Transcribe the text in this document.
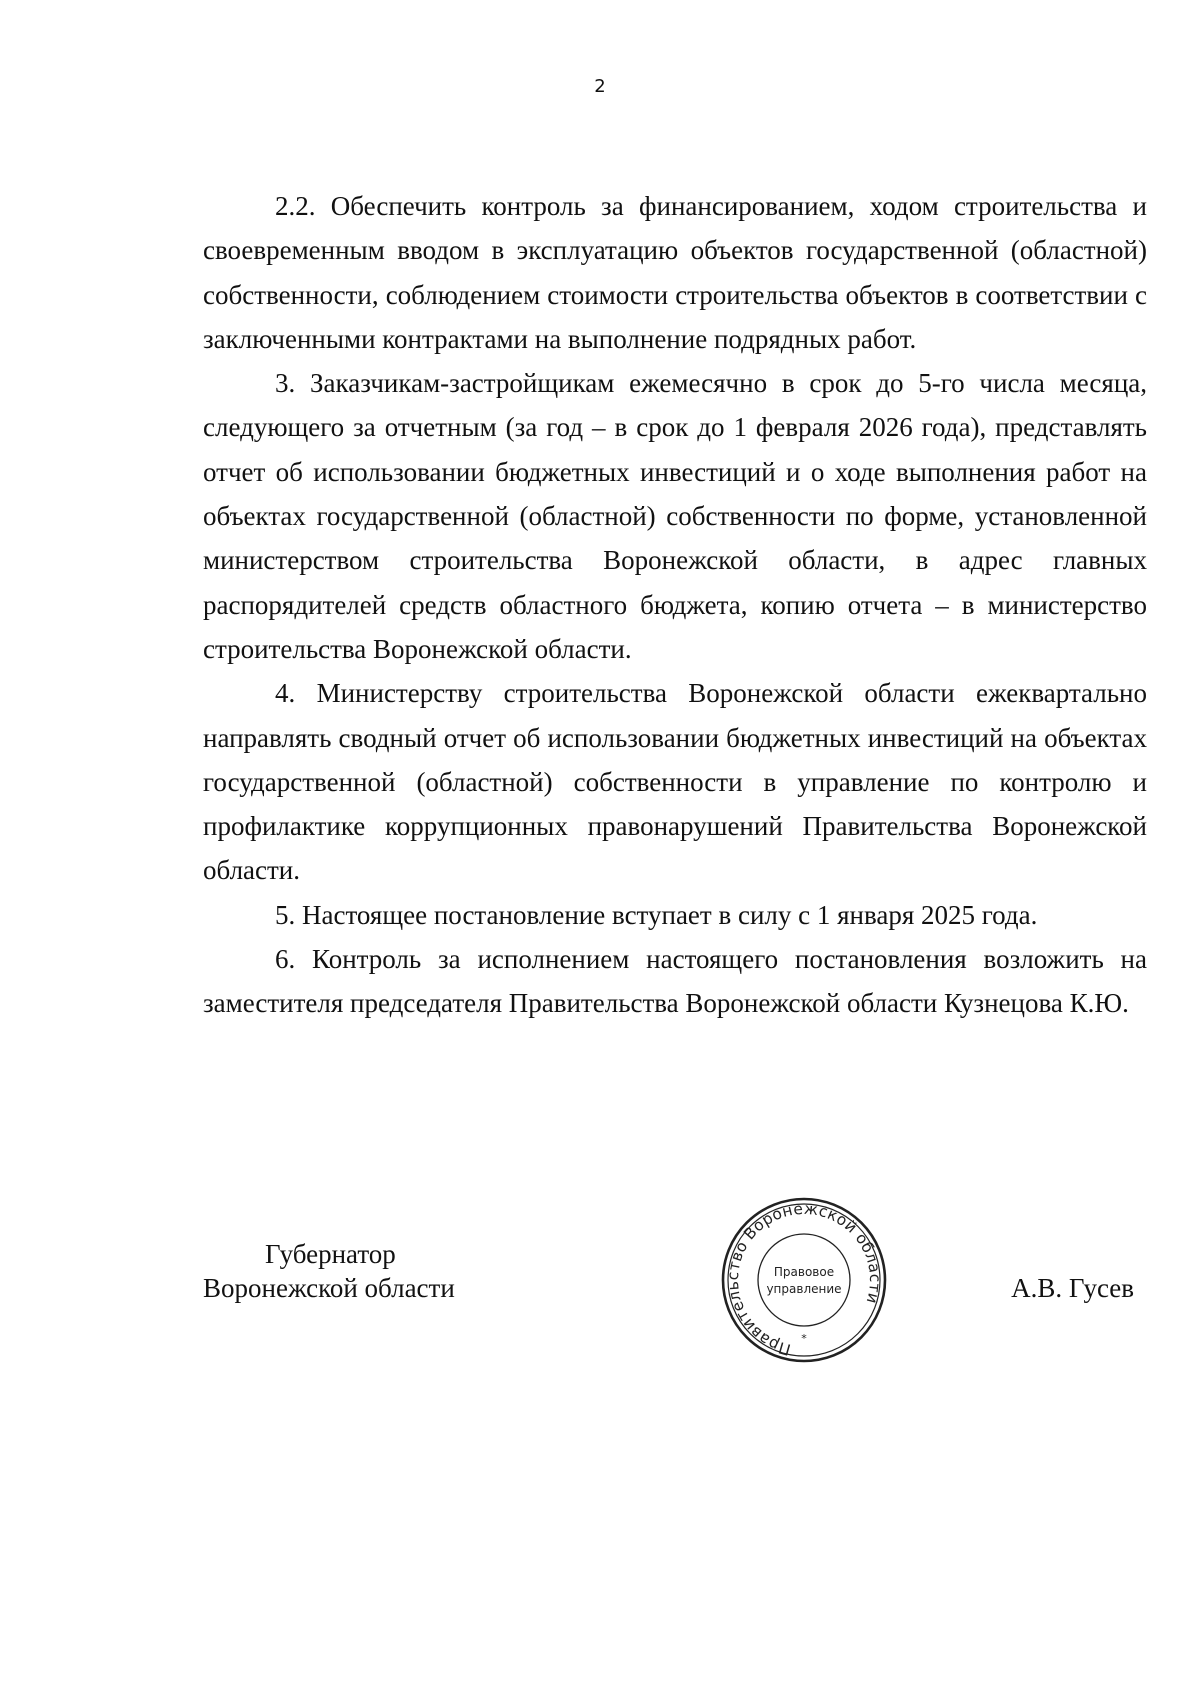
2

2.2. Обеспечить контроль за финансированием, ходом строительства и своевременным вводом в эксплуатацию объектов государственной (областной) собственности, соблюдением стоимости строительства объектов в соответствии с заключенными контрактами на выполнение подрядных работ.

3. Заказчикам-застройщикам ежемесячно в срок до 5-го числа месяца, следующего за отчетным (за год – в срок до 1 февраля 2026 года), представлять отчет об использовании бюджетных инвестиций и о ходе выполнения работ на объектах государственной (областной) собственности по форме, установленной министерством строительства Воронежской области, в адрес главных распорядителей средств областного бюджета, копию отчета – в министерство строительства Воронежской области.

4. Министерству строительства Воронежской области ежеквартально направлять сводный отчет об использовании бюджетных инвестиций на объектах государственной (областной) собственности в управление по контролю и профилактике коррупционных правонарушений Правительства Воронежской области.

5. Настоящее постановление вступает в силу с 1 января 2025 года.

6. Контроль за исполнением настоящего постановления возложить на заместителя председателя Правительства Воронежской области Кузнецова К.Ю.

Губернатор
Воронежской области	А.В. Гусев
Правительство Воронежской области
Правовое
управление
*
